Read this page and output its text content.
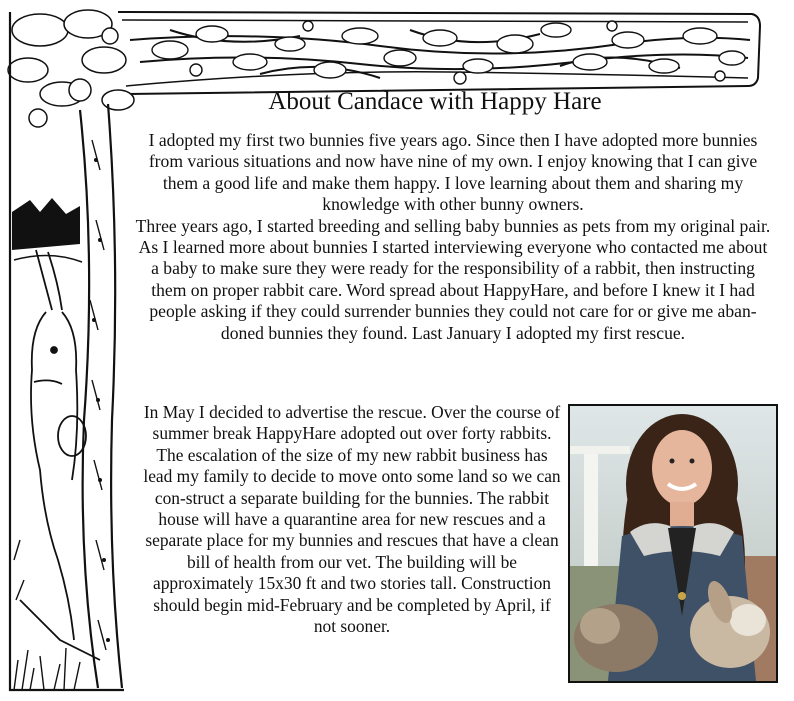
About Candace with Happy Hare

I adopted my first two bunnies five years ago. Since then I have adopted more bunnies from various situations and now have nine of my own. I enjoy knowing that I can give them a good life and make them happy. I love learning about them and sharing my knowledge with other bunny owners.

Three years ago, I started breeding and selling baby bunnies as pets from my original pair. As I learned more about bunnies I started interviewing everyone who contacted me about a baby to make sure they were ready for the responsibility of a rabbit, then instructing them on proper rabbit care. Word spread about HappyHare, and before I knew it I had people asking if they could surrender bunnies they could not care for or give me aban-doned bunnies they found. Last January I adopted my first rescue.

In May I decided to advertise the rescue. Over the course of summer break HappyHare adopted out over forty rabbits. The escalation of the size of my new rabbit business has lead my family to decide to move onto some land so we can con-struct a separate building for the bunnies. The rabbit house will have a quarantine area for new rescues and a separate place for my bunnies and rescues that have a clean bill of health from our vet. The building will be approximately 15x30 ft and two stories tall. Construction should begin mid-February and be completed by April, if not sooner.
